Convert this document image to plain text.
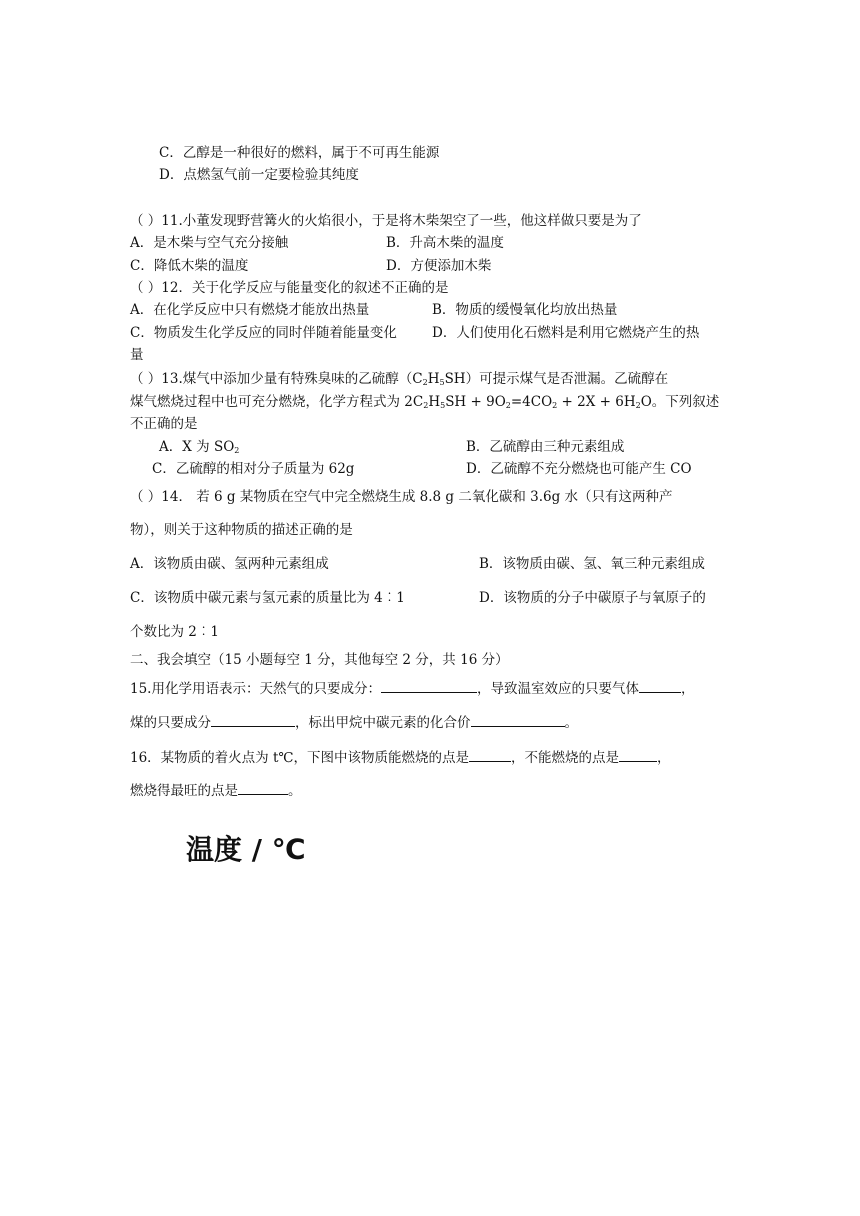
C．乙醇是一种很好的燃料，属于不可再生能源
D．点燃氢气前一定要检验其纯度
（ ）11.小董发现野营篝火的火焰很小，于是将木柴架空了一些，他这样做只要是为了
A．是木柴与空气充分接触	B．升高木柴的温度
C．降低木柴的温度	D．方便添加木柴
（ ）12．关于化学反应与能量变化的叙述不正确的是
A．在化学反应中只有燃烧才能放出热量	B．物质的缓慢氧化均放出热量
C．物质发生化学反应的同时伴随着能量变化	D．人们使用化石燃料是利用它燃烧产生的热
量
（ ）13.煤气中添加少量有特殊臭味的乙硫醇$(C_2H_5SH)$可提示煤气是否泄漏。乙硫醇在
煤气燃烧过程中也可充分燃烧，化学方程式为 $2C_2H_5SH + 9O_2=4CO_2 + 2X + 6H_2O$。下列叙述
不正确的是
A．X 为 $SO_2$	B．乙硫醇由三种元素组成
C．乙硫醇的相对分子质量为 62g	D．乙硫醇不充分燃烧也可能产生 CO
（ ）14． 若 6 g 某物质在空气中完全燃烧生成 8.8 g 二氧化碳和 3.6g 水（只有这两种产
物），则关于这种物质的描述正确的是
A．该物质由碳、氢两种元素组成	B．该物质由碳、氢、氧三种元素组成
C．该物质中碳元素与氢元素的质量比为 4︰1	D．该物质的分子中碳原子与氧原子的
个数比为 2︰1
二、我会填空（15 小题每空 1 分，其他每空 2 分，共 16 分）
15.用化学用语表示：天然气的只要成分：	，导致温室效应的只要气体	，
煤的只要成分	，标出甲烷中碳元素的化合价	。
16．某物质的着火点为 t℃，下图中该物质能燃烧的点是	，不能燃烧的点是	，
燃烧得最旺的点是	。
温度 / ℃
